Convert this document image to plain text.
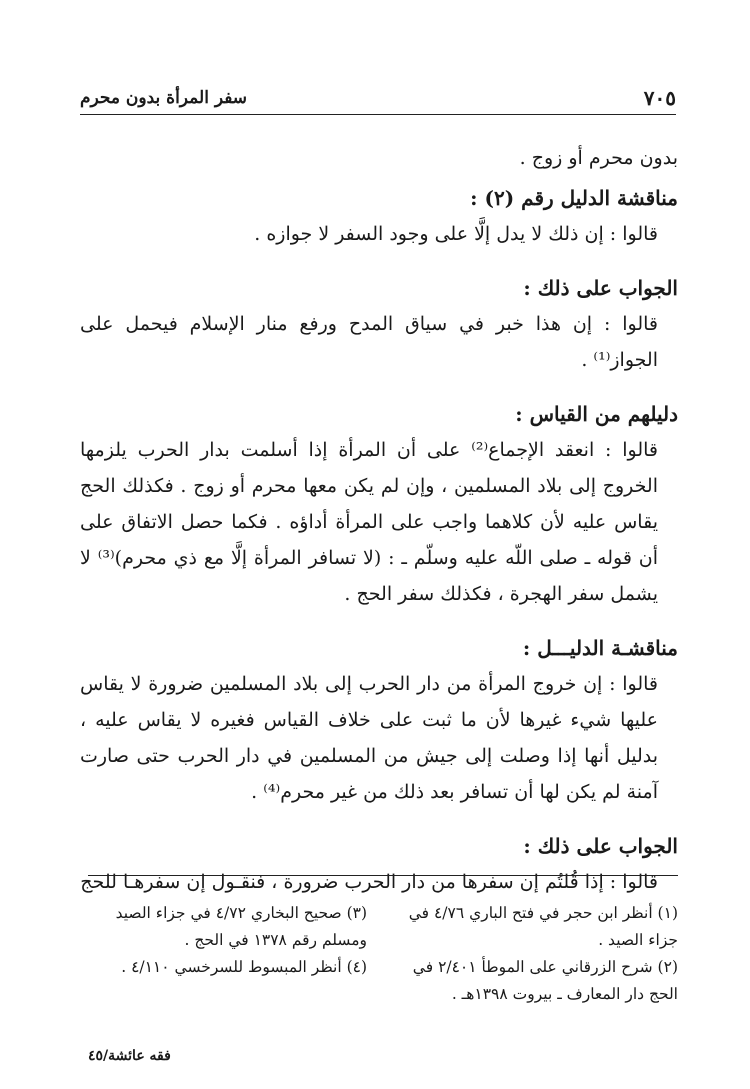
٧٠٥
سفر المرأة بدون محرم

بدون محرم أو زوج .

مناقشة الدليل رقم (٢) :

قالوا : إن ذلك لا يدل إلَّا على وجود السفر لا جوازه .

الجواب على ذلك :

قالوا : إن هذا خبر في سياق المدح ورفع منار الإسلام فيحمل على الجواز⁽¹⁾ .

دليلهم من القياس :

قالوا : انعقد الإجماع⁽²⁾ على أن المرأة إذا أسلمت بدار الحرب يلزمها الخروج إلى بلاد المسلمين ، وإن لم يكن معها محرم أو زوج . فكذلك الحج يقاس عليه لأن كلاهما واجب على المرأة أداؤه . فكما حصل الاتفاق على أن قوله ـ صلى اللّه عليه وسلّم ـ : (لا تسافر المرأة إلَّا مع ذي محرم)⁽³⁾ لا يشمل سفر الهجرة ، فكذلك سفر الحج .

مناقشـة الدليـــل :

قالوا : إن خروج المرأة من دار الحرب إلى بلاد المسلمين ضرورة لا يقاس عليها شيء غيرها لأن ما ثبت على خلاف القياس فغيره لا يقاس عليه ، بدليل أنها إذا وصلت إلى جيش من المسلمين في دار الحرب حتى صارت آمنة لم يكن لها أن تسافر بعد ذلك من غير محرم⁽⁴⁾ .

الجواب على ذلك :

قالوا : إذا قُلتُم إن سفرها من دار الحرب ضرورة ، فنقـول إن سفرهـا للحج

(١) أنظر ابن حجر في فتح الباري ٤/٧٦ في جزاء الصيد .

(٢) شرح الزرقاني على الموطأ ٢/٤٠١ في الحج دار المعارف ـ بيروت ١٣٩٨هـ .

(٣) صحيح البخاري ٤/٧٢ في جزاء الصيد ومسلم رقم ١٣٧٨ في الحج .

(٤) أنظر المبسوط للسرخسي ٤/١١٠ .

فقه عائشة/٤٥
